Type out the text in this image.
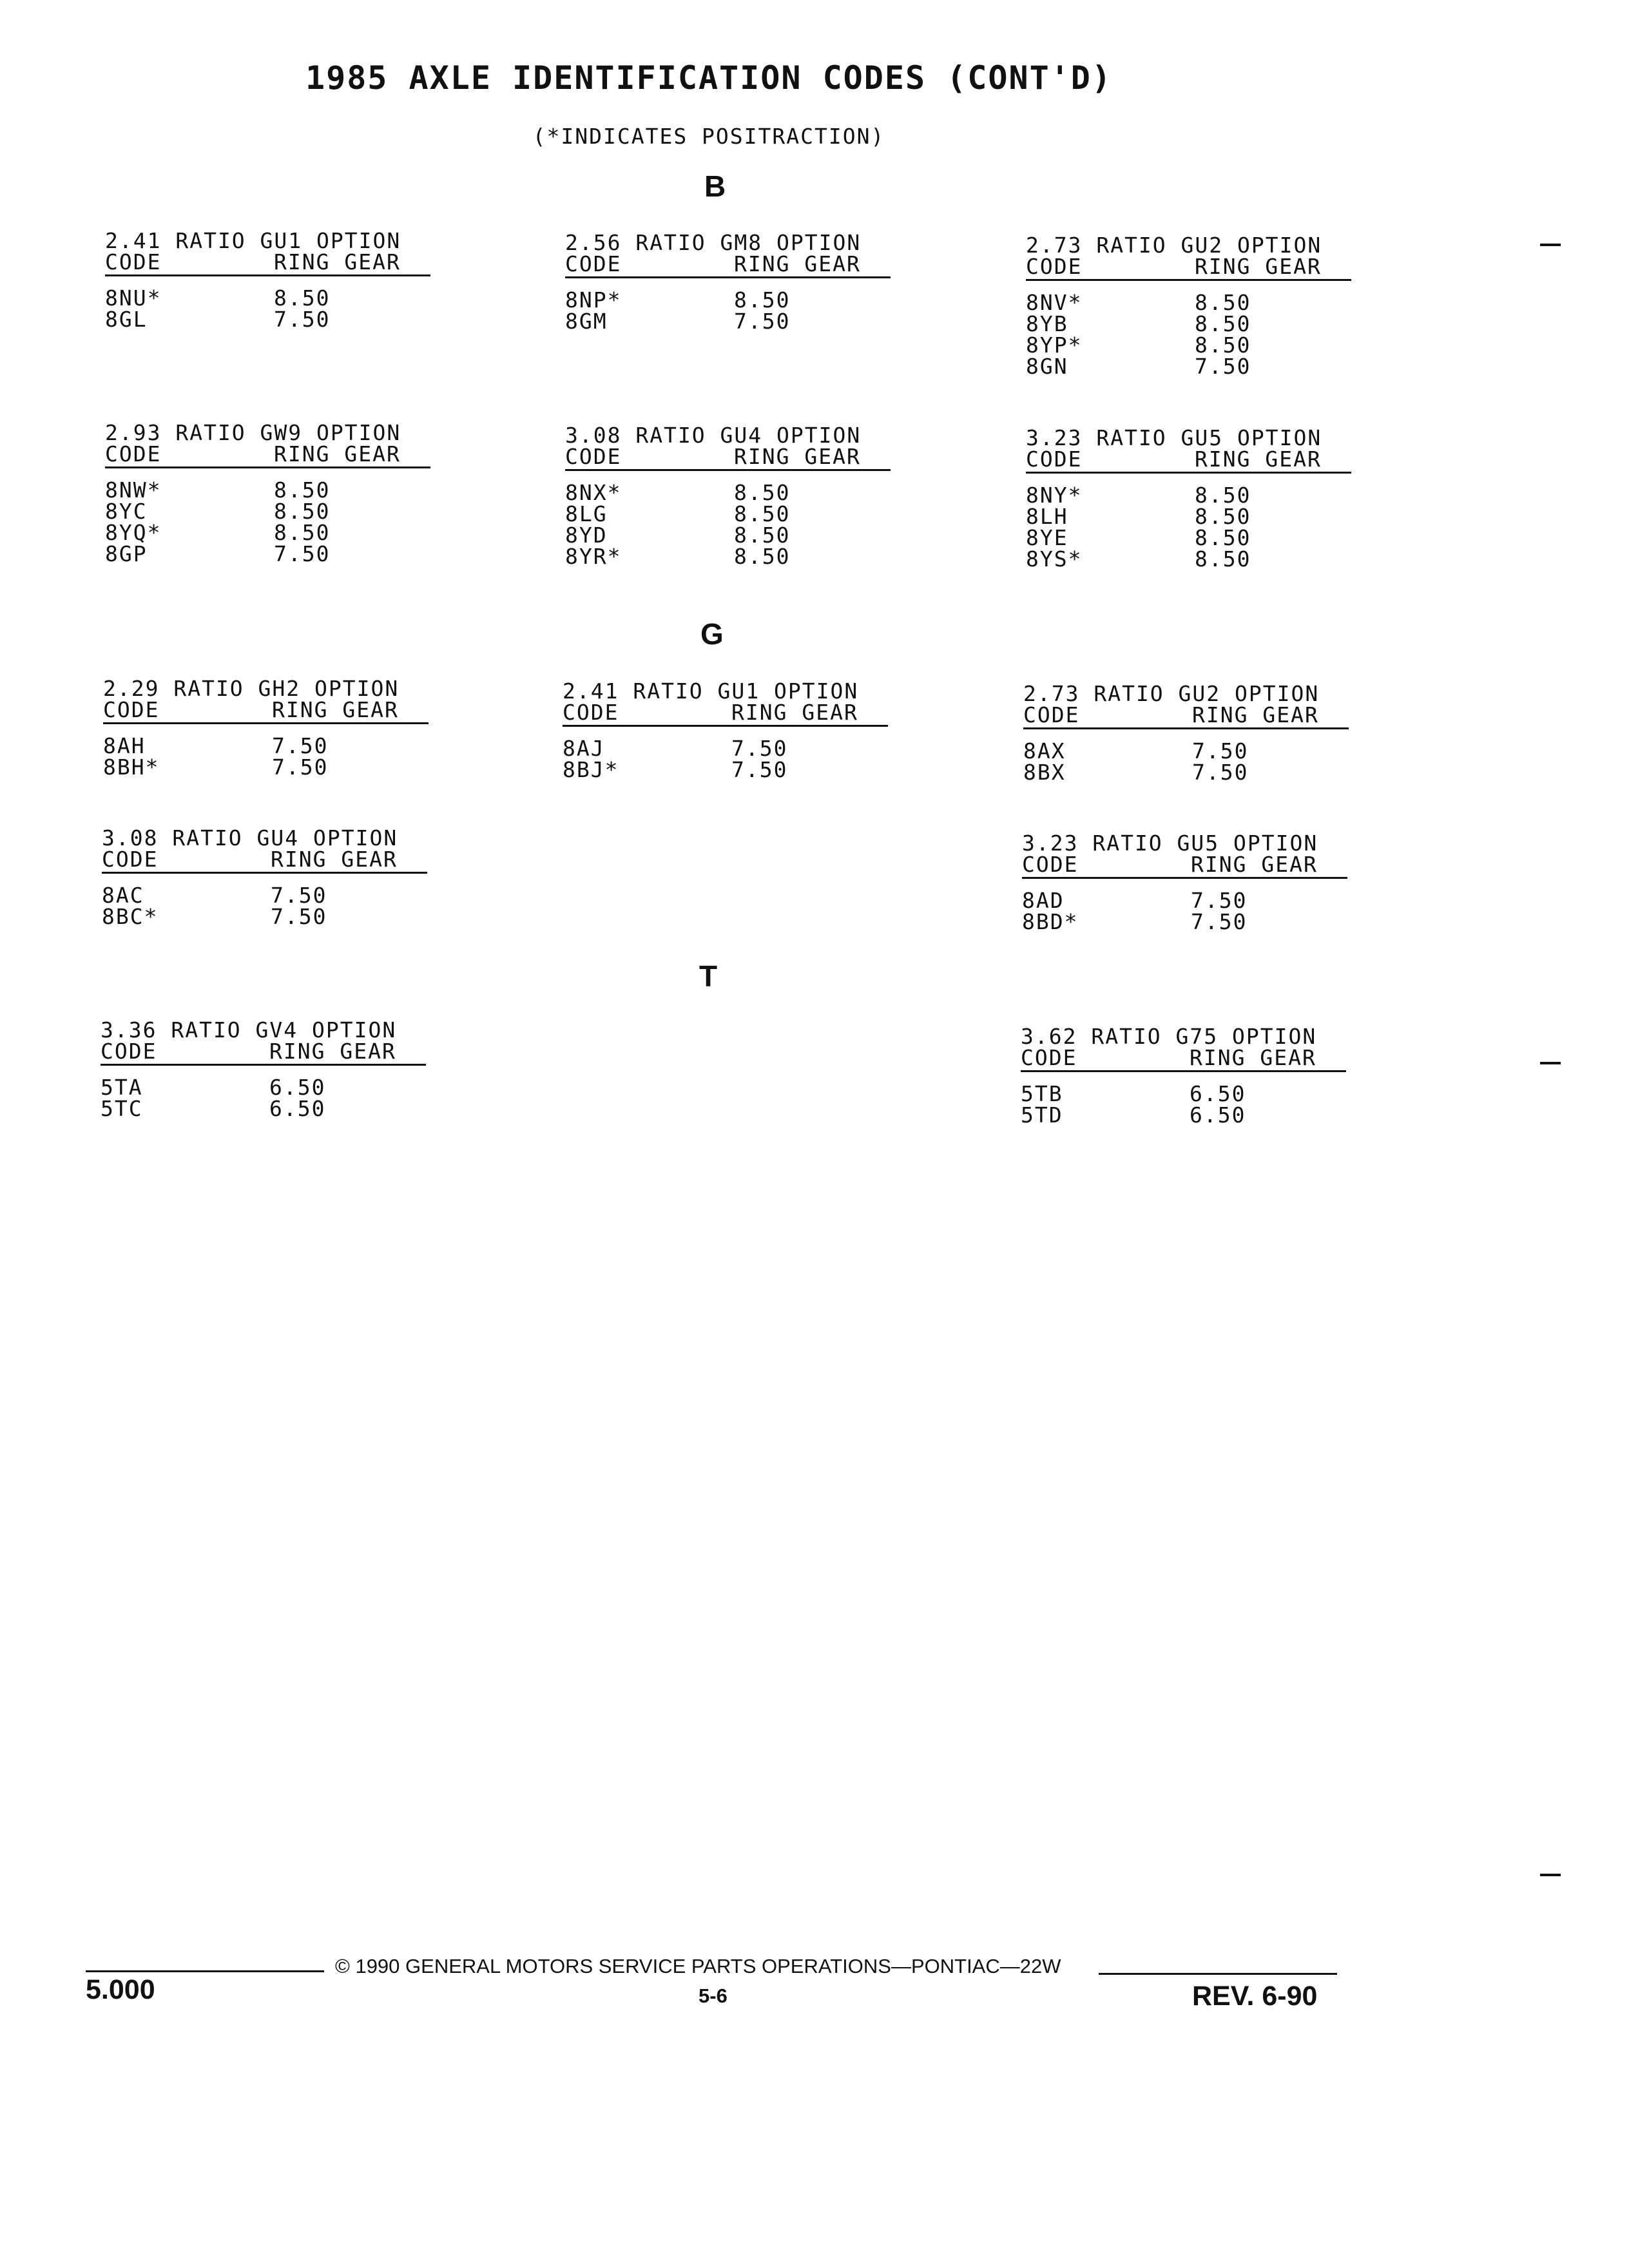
1985 AXLE IDENTIFICATION CODES (CONT'D)
(*INDICATES POSITRACTION)
B
2.41 RATIO GU1 OPTION
CODE	RING GEAR
8NU*	8.50
8GL	7.50
2.56 RATIO GM8 OPTION
CODE	RING GEAR
8NP*	8.50
8GM	7.50
2.73 RATIO GU2 OPTION
CODE	RING GEAR
8NV*	8.50
8YB	8.50
8YP*	8.50
8GN	7.50
2.93 RATIO GW9 OPTION
CODE	RING GEAR
8NW*	8.50
8YC	8.50
8YQ*	8.50
8GP	7.50
3.08 RATIO GU4 OPTION
CODE	RING GEAR
8NX*	8.50
8LG	8.50
8YD	8.50
8YR*	8.50
3.23 RATIO GU5 OPTION
CODE	RING GEAR
8NY*	8.50
8LH	8.50
8YE	8.50
8YS*	8.50
G
2.29 RATIO GH2 OPTION
CODE	RING GEAR
8AH	7.50
8BH*	7.50
2.41 RATIO GU1 OPTION
CODE	RING GEAR
8AJ	7.50
8BJ*	7.50
2.73 RATIO GU2 OPTION
CODE	RING GEAR
8AX	7.50
8BX	7.50
3.08 RATIO GU4 OPTION
CODE	RING GEAR
8AC	7.50
8BC*	7.50
3.23 RATIO GU5 OPTION
CODE	RING GEAR
8AD	7.50
8BD*	7.50
T
3.36 RATIO GV4 OPTION
CODE	RING GEAR
5TA	6.50
5TC	6.50
3.62 RATIO G75 OPTION
CODE	RING GEAR
5TB	6.50
5TD	6.50
© 1990 GENERAL MOTORS SERVICE PARTS OPERATIONS—PONTIAC—22W
5.000	5-6	REV. 6-90
